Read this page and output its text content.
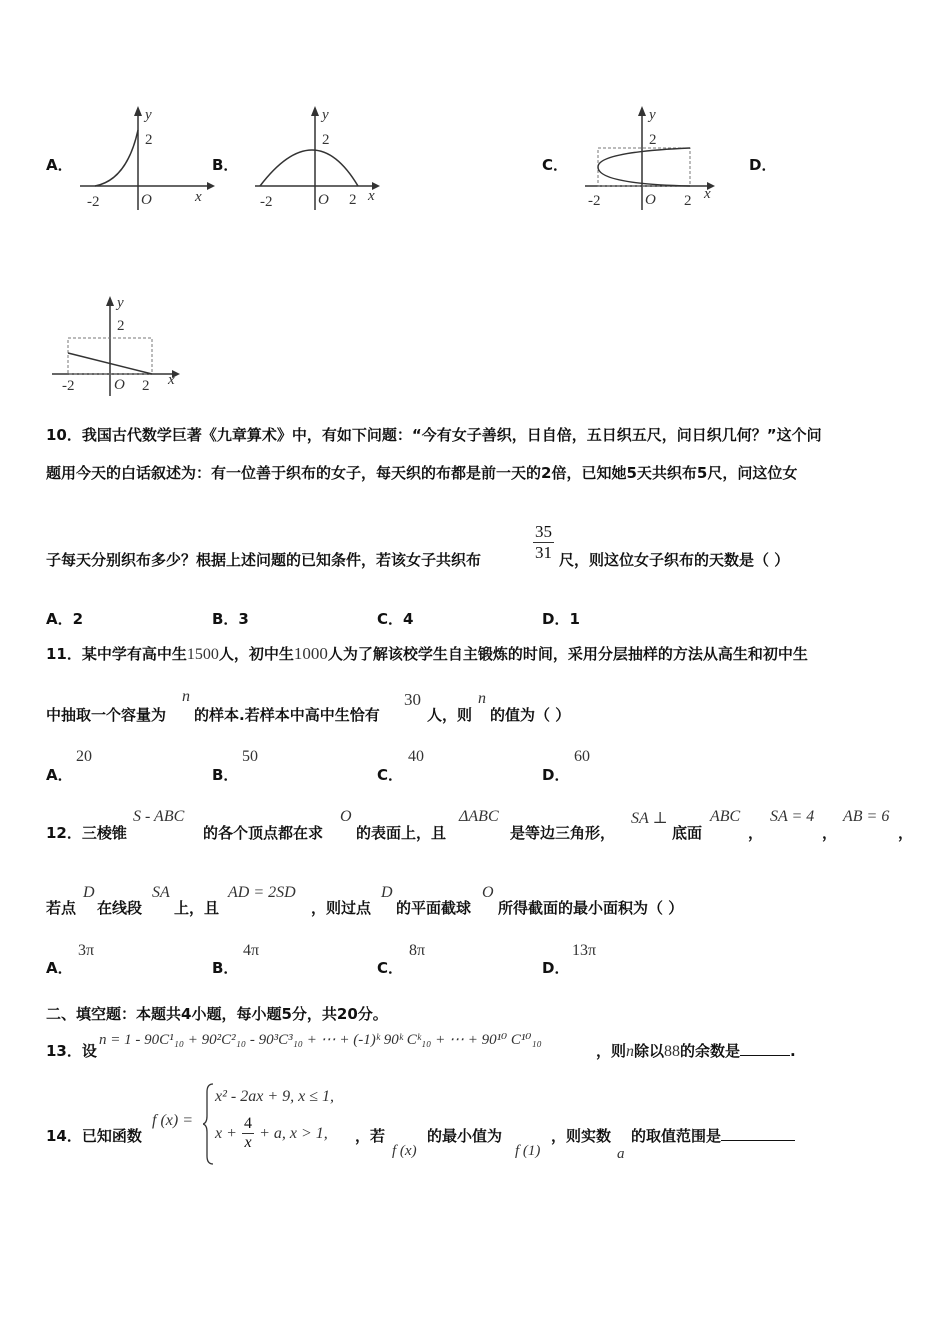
A．
y
2
-2	O	x
B．
y
2
-2	O 2 x
C．
y
2
-2	O 2 x
D．
y
2
-2	O 2 x
10．我国古代数学巨著《九章算术》中，有如下问题：“今有女子善织，日自倍，五日织五尺，问日织几何？”这个问
题用今天的白话叙述为：有一位善于织布的女子，每天织的布都是前一天的2倍，已知她5天共织布5尺，问这位女
子每天分别织布多少？根据上述问题的已知条件，若该女子共织布	$\frac{35}{31}$ 尺，则这位女子织布的天数是（ ）
A．2	B．3	C．4	D．1
11．某中学有高中生1500人，初中生1000人为了解该校学生自主锻炼的时间，采用分层抽样的方法从高生和初中生
中抽取一个容量为
n
的样本.若样本中高中生恰有
30
人，则
n
的值为（ ）
A．
20
B．
50
C．
40
D．
60
12．三棱锥
S - ABC
的各个顶点都在求
O
的表面上，且
ΔABC
是等边三角形，
SA ⊥
底面
ABC
，
SA = 4
，
AB = 6
，
若点
D
在线段
SA
上，且
AD = 2SD
，则过点
D
的平面截球
O
所得截面的最小面积为（ ）
A．
3π
B．
4π
C．
8π
D．
13π
二、填空题：本题共4小题，每小题5分，共20分。
13．设
n = 1 - 90C¹₁₀ + 90²C²₁₀ - 90³C³₁₀ + ⋯ + (-1)ᵏ 90ᵏ Cᵏ₁₀ + ⋯ + 90¹⁰ C¹⁰₁₀
，则n除以88的余数是	.
14．已知函数
f (x) =
x² - 2ax + 9, x ≤ 1,
$x + \frac{4}{x} + a$, x > 1, ，若
f (x)
的最小值为
f (1)
，则实数
a
的取值范围是
